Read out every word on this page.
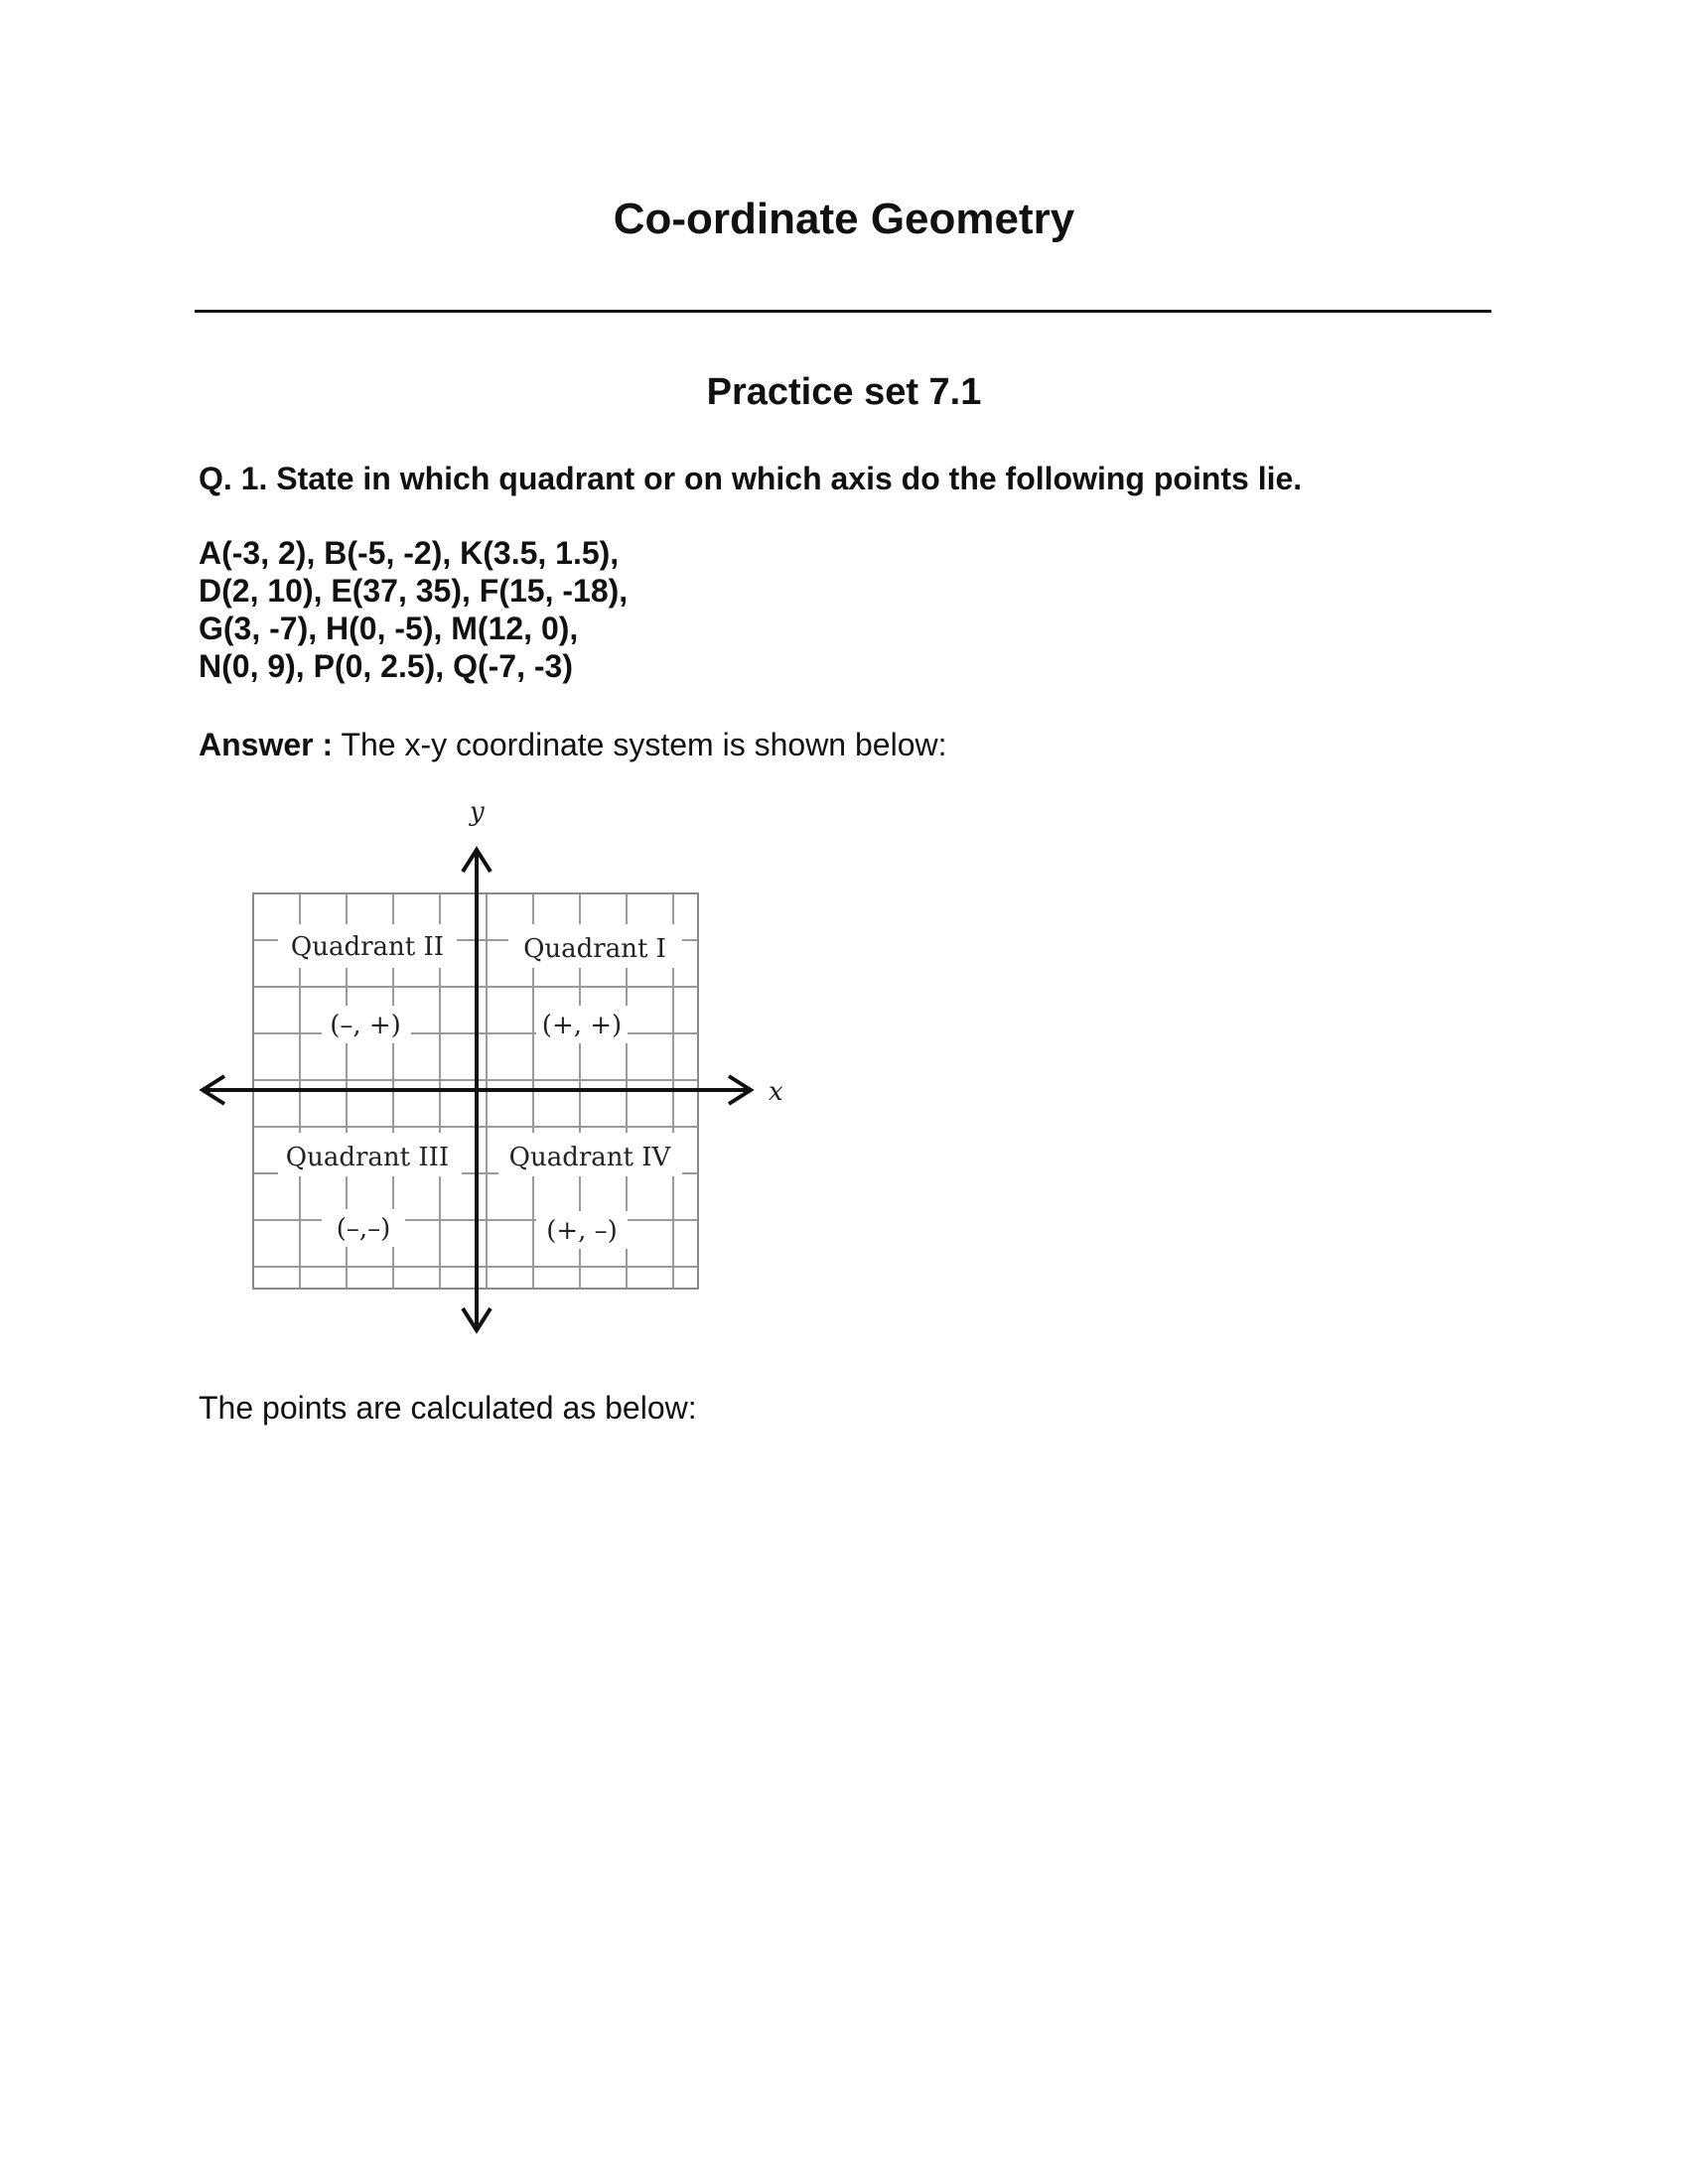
Co-ordinate Geometry
Practice set 7.1
Q. 1. State in which quadrant or on which axis do the following points lie.
A(-3, 2), B(-5, -2), K(3.5, 1.5),
D(2, 10), E(37, 35), F(15, -18),
G(3, -7), H(0, -5), M(12, 0),
N(0, 9), P(0, 2.5), Q(-7, -3)
Answer : The x-y coordinate system is shown below:
y
x
Quadrant II	Quadrant I
Quadrant III Quadrant IV
(–, +)	(+, +)
(–,–)	(+, –)
The points are calculated as below:
